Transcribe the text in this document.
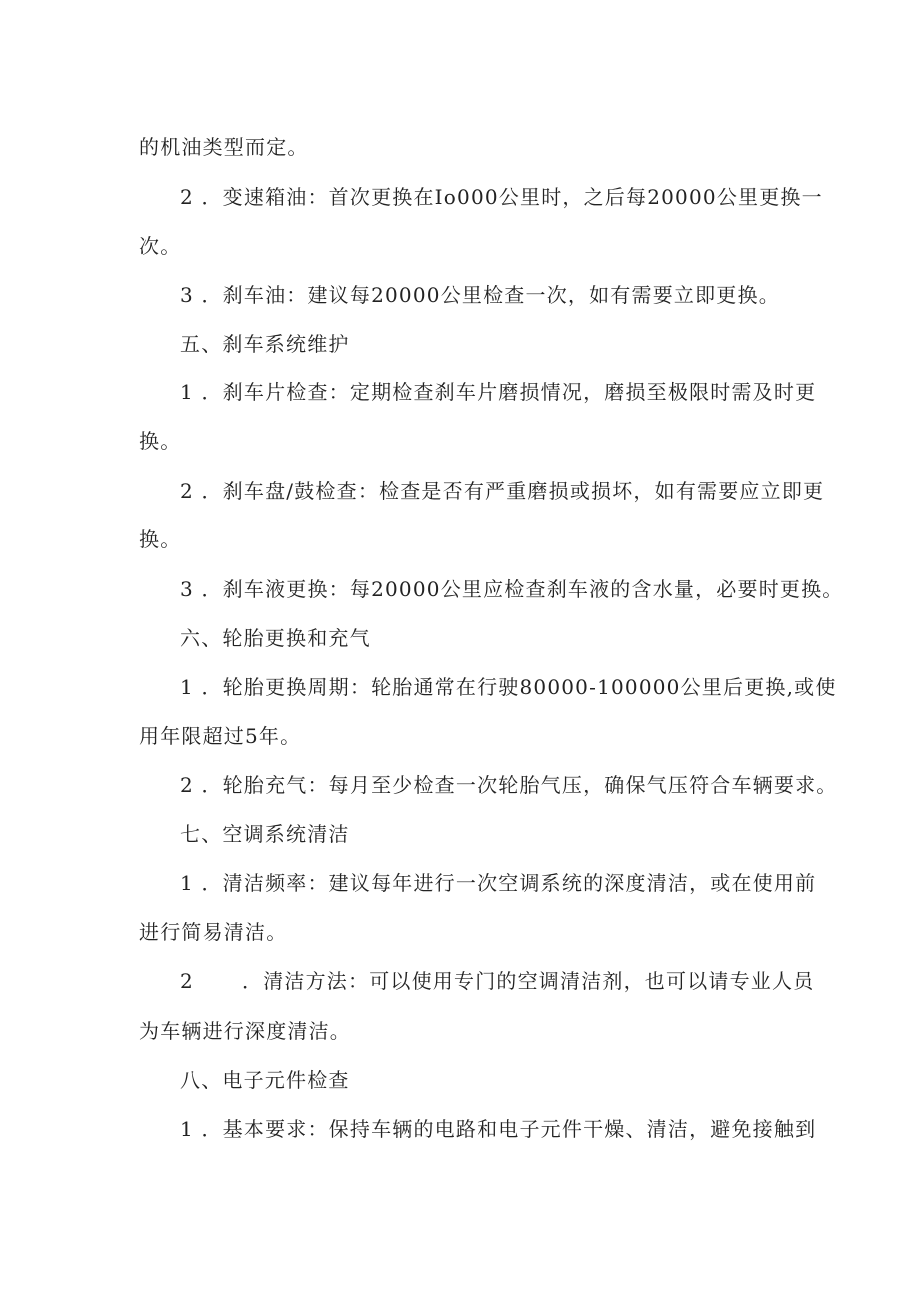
的机油类型而定。
2 ．变速箱油：首次更换在Io000公里时，之后每20000公里更换一
次。
3 ．刹车油：建议每20000公里检查一次，如有需要立即更换。
五、刹车系统维护
1 ．刹车片检查：定期检查刹车片磨损情况，磨损至极限时需及时更
换。
2 ．刹车盘/鼓检查：检查是否有严重磨损或损坏，如有需要应立即更
换。
3 ．刹车液更换：每20000公里应检查刹车液的含水量，必要时更换。
六、轮胎更换和充气
1 ．轮胎更换周期：轮胎通常在行驶80000-100000公里后更换,或使
用年限超过5年。
2 ．轮胎充气：每月至少检查一次轮胎气压，确保气压符合车辆要求。
七、空调系统清洁
1 ．清洁频率：建议每年进行一次空调系统的深度清洁，或在使用前
进行简易清洁。
2 ．清洁方法：可以使用专门的空调清洁剂，也可以请专业人员
为车辆进行深度清洁。
八、电子元件检查
1 ．基本要求：保持车辆的电路和电子元件干燥、清洁，避免接触到
